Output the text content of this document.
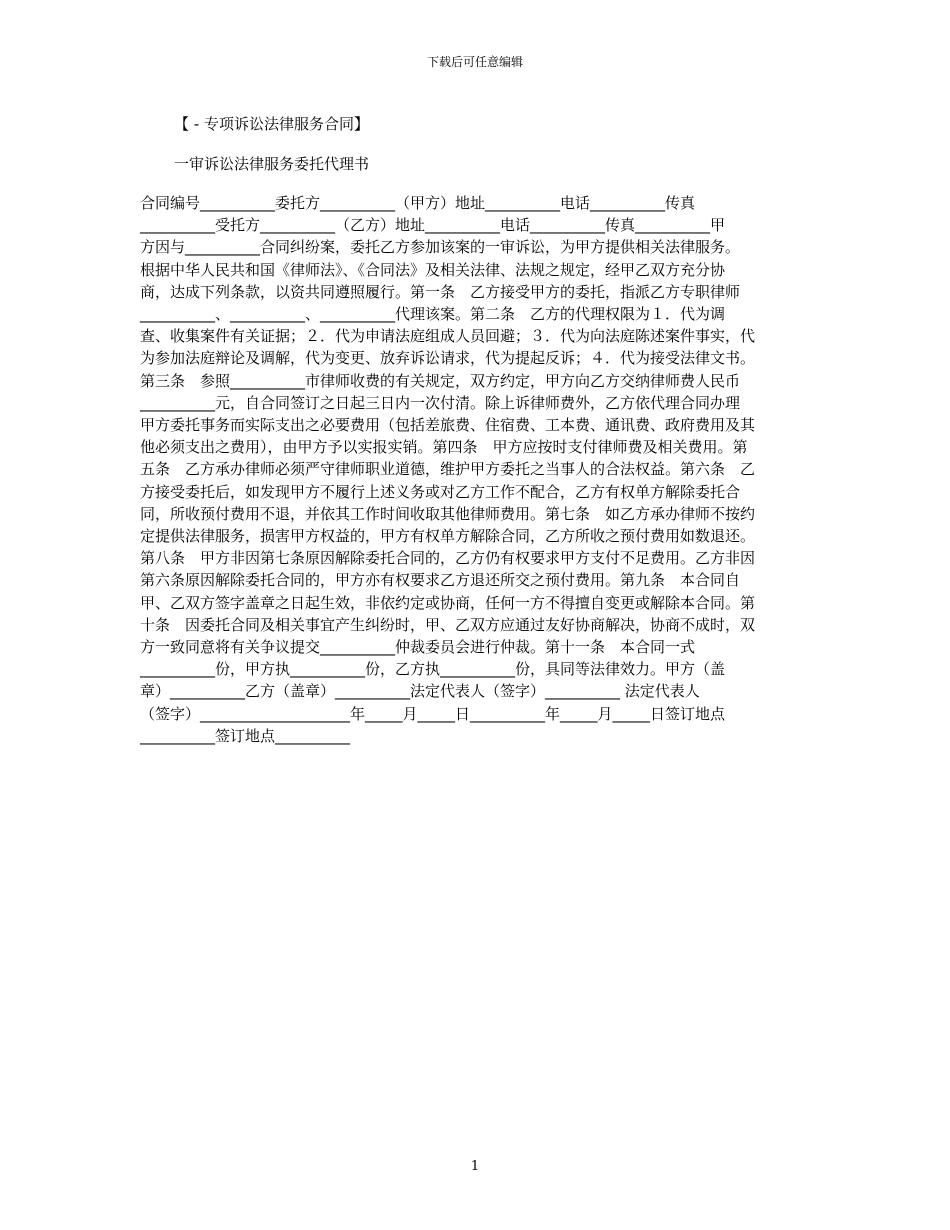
下载后可任意编辑
【 - 专项诉讼法律服务合同】
一审诉讼法律服务委托代理书
合同编号__________委托方__________（甲方）地址__________电话__________传真
__________受托方__________（乙方）地址__________电话__________传真__________甲
方因与__________合同纠纷案，委托乙方参加该案的一审诉讼，为甲方提供相关法律服务。
根据中华人民共和国《律师法》、《合同法》及相关法律、法规之规定，经甲乙双方充分协
商，达成下列条款，以资共同遵照履行。第一条　乙方接受甲方的委托，指派乙方专职律师
__________、__________、__________代理该案。第二条　乙方的代理权限为１．代为调
查、收集案件有关证据；２．代为申请法庭组成人员回避；３．代为向法庭陈述案件事实，代
为参加法庭辩论及调解，代为变更、放弃诉讼请求，代为提起反诉；４．代为接受法律文书。
第三条　参照__________市律师收费的有关规定，双方约定，甲方向乙方交纳律师费人民币
__________元，自合同签订之日起三日内一次付清。除上诉律师费外，乙方依代理合同办理
甲方委托事务而实际支出之必要费用（包括差旅费、住宿费、工本费、通讯费、政府费用及其
他必须支出之费用），由甲方予以实报实销。第四条　甲方应按时支付律师费及相关费用。第
五条　乙方承办律师必须严守律师职业道德，维护甲方委托之当事人的合法权益。第六条　乙
方接受委托后，如发现甲方不履行上述义务或对乙方工作不配合，乙方有权单方解除委托合
同，所收预付费用不退，并依其工作时间收取其他律师费用。第七条　如乙方承办律师不按约
定提供法律服务，损害甲方权益的，甲方有权单方解除合同，乙方所收之预付费用如数退还。
第八条　甲方非因第七条原因解除委托合同的，乙方仍有权要求甲方支付不足费用。乙方非因
第六条原因解除委托合同的，甲方亦有权要求乙方退还所交之预付费用。第九条　本合同自
甲、乙双方签字盖章之日起生效，非依约定或协商，任何一方不得擅自变更或解除本合同。第
十条　因委托合同及相关事宜产生纠纷时，甲、乙双方应通过友好协商解决，协商不成时，双
方一致同意将有关争议提交__________仲裁委员会进行仲裁。第十一条　本合同一式
__________份，甲方执__________份，乙方执__________份，具同等法律效力。甲方（盖
章）__________乙方（盖章）__________法定代表人（签字）__________ 法定代表人
（签字）____________________年_____月_____日__________年_____月_____日签订地点
__________签订地点__________
1
